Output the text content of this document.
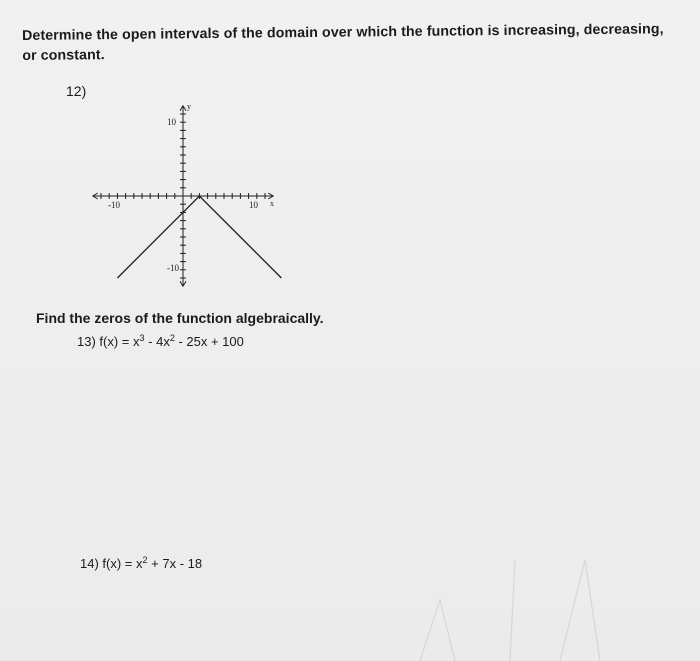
Determine the open intervals of the domain over which the function is increasing, decreasing,
or constant.
12)
y
x
10
-10
-10	10
Find the zeros of the function algebraically.
13) $f(x) = x^3 - 4x^2 - 25x + 100$
14) $f(x) = x^2 + 7x - 18$
